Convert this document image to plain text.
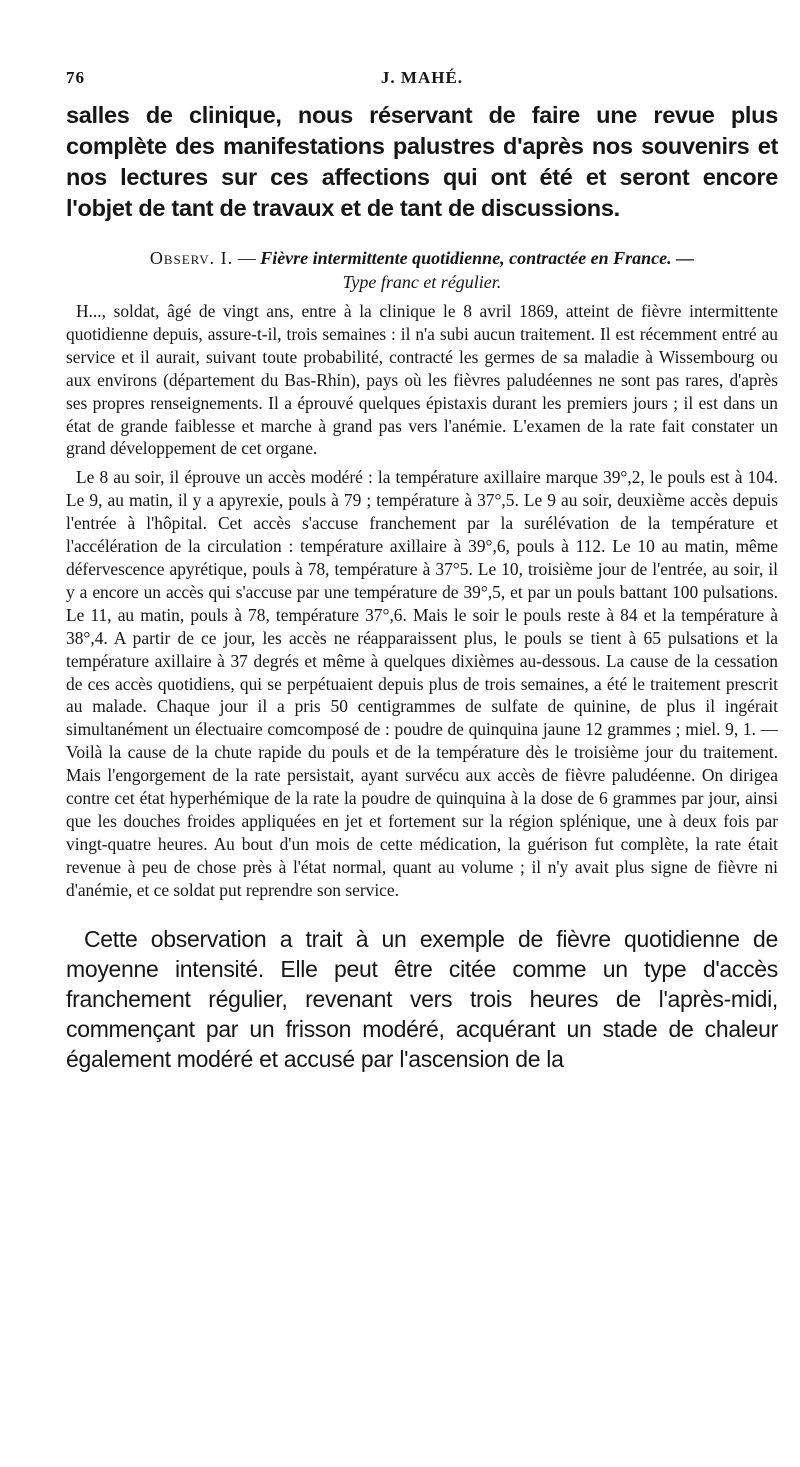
76	J. MAHÉ.

salles de clinique, nous réservant de faire une revue plus complète des manifestations palustres d'après nos souvenirs et nos lectures sur ces affections qui ont été et seront encore l'objet de tant de travaux et de tant de discussions.

Observ. I. — Fièvre intermittente quotidienne, contractée en France. —
Type franc et régulier.

H..., soldat, âgé de vingt ans, entre à la clinique le 8 avril 1869, atteint de fièvre intermittente quotidienne depuis, assure-t-il, trois semaines : il n'a subi aucun traitement. Il est récemment entré au service et il aurait, suivant toute probabilité, contracté les germes de sa maladie à Wissembourg ou aux environs (département du Bas-Rhin), pays où les fièvres paludéennes ne sont pas rares, d'après ses propres renseignements. Il a éprouvé quelques épistaxis durant les premiers jours ; il est dans un état de grande faiblesse et marche à grand pas vers l'anémie. L'examen de la rate fait constater un grand développement de cet organe.

Le 8 au soir, il éprouve un accès modéré : la température axillaire marque 39°,2, le pouls est à 104. Le 9, au matin, il y a apyrexie, pouls à 79 ; température à 37°,5. Le 9 au soir, deuxième accès depuis l'entrée à l'hôpital. Cet accès s'accuse franchement par la surélévation de la température et l'accélération de la circulation : température axillaire à 39°,6, pouls à 112. Le 10 au matin, même défervescence apyrétique, pouls à 78, température à 37°5. Le 10, troisième jour de l'entrée, au soir, il y a encore un accès qui s'accuse par une température de 39°,5, et par un pouls battant 100 pulsations. Le 11, au matin, pouls à 78, température 37°,6. Mais le soir le pouls reste à 84 et la température à 38°,4. A partir de ce jour, les accès ne réapparaissent plus, le pouls se tient à 65 pulsations et la température axillaire à 37 degrés et même à quelques dixièmes au-dessous. La cause de la cessation de ces accès quotidiens, qui se perpétuaient depuis plus de trois semaines, a été le traitement prescrit au malade. Chaque jour il a pris 50 centigrammes de sulfate de quinine, de plus il ingérait simultanément un électuaire comcomposé de : poudre de quinquina jaune 12 grammes ; miel. 9, 1. — Voilà la cause de la chute rapide du pouls et de la température dès le troisième jour du traitement. Mais l'engorgement de la rate persistait, ayant survécu aux accès de fièvre paludéenne. On dirigea contre cet état hyperhémique de la rate la poudre de quinquina à la dose de 6 grammes par jour, ainsi que les douches froides appliquées en jet et fortement sur la région splénique, une à deux fois par vingt-quatre heures. Au bout d'un mois de cette médication, la guérison fut complète, la rate était revenue à peu de chose près à l'état normal, quant au volume ; il n'y avait plus signe de fièvre ni d'anémie, et ce soldat put reprendre son service.

Cette observation a trait à un exemple de fièvre quotidienne de moyenne intensité. Elle peut être citée comme un type d'accès franchement régulier, revenant vers trois heures de l'après-midi, commençant par un frisson modéré, acquérant un stade de chaleur également modéré et accusé par l'ascension de la
